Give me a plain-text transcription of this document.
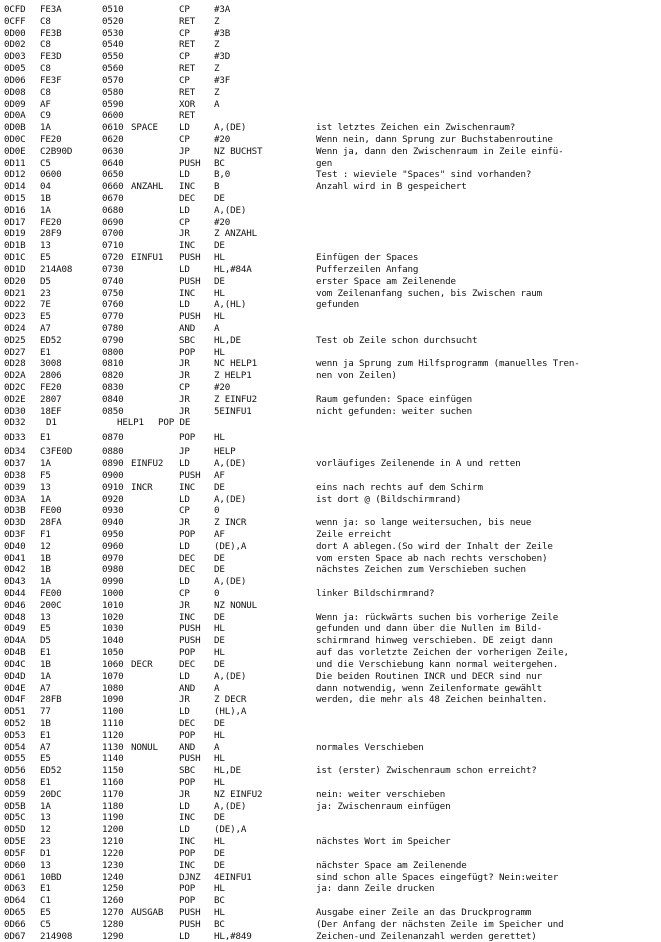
0CFD FE3A	0510	CP	#3A
0CFF C8	0520	RET Z
0D00 FE3B	0530	CP	#3B
0D02 C8	0540	RET Z
0D03 FE3D	0550	CP	#3D
0D05 C8	0560	RET Z
0D06 FE3F	0570	CP	#3F
0D08 C8	0580	RET Z
0D09 AF	0590	XOR A
0D0A C9	0600	RET
0D0B 1A	0610 SPACE LD	A,(DE)	ist letztes Zeichen ein Zwischenraum?
0D0C FE20	0620	CP	#20	Wenn nein, dann Sprung zur Buchstabenroutine
0D0E C2B90D	0630	JP	NZ BUCHST	Wenn ja, dann den Zwischenraum in Zeile einfü-
0D11 C5	0640	PUSH BC	gen
0D12 0600	0650	LD	B,0	Test : wieviele "Spaces" sind vorhanden?
0D14 04	0660 ANZAHL INC B	Anzahl wird in B gespeichert
0D15 1B	0670	DEC DE
0D16 1A	0680	LD	A,(DE)
0D17 FE20	0690	CP	#20
0D19 28F9	0700	JR	Z ANZAHL
0D1B 13	0710	INC DE
0D1C E5	0720 EINFU1 PUSH HL	Einfügen der Spaces
0D1D 214A08	0730	LD	HL,#84A	Pufferzeilen Anfang
0D20 D5	0740	PUSH DE	erster Space am Zeilenende
0D21 23	0750	INC HL	vom Zeilenanfang suchen, bis Zwischen raum
0D22 7E	0760	LD	A,(HL)	gefunden
0D23 E5	0770	PUSH HL
0D24 A7	0780	AND A
0D25 ED52	0790	SBC HL,DE	Test ob Zeile schon durchsucht
0D27 E1	0800	POP HL
0D28 3008	0810	JR	NC HELP1	wenn ja Sprung zum Hilfsprogramm (manuelles Tren-
0D2A 2806	0820	JR	Z HELP1	nen von Zeilen)
0D2C FE20	0830	CP	#20
0D2E 2807	0840	JR	Z EINFU2	Raum gefunden: Space einfügen
0D30 18EF	0850	JR	5EINFU1	nicht gefunden: weiter suchen
0D32 D1	HELP1 POP DE
0D33 E1	0870	POP HL
0D34 C3FE0D	0880	JP	HELP
0D37 1A	0890 EINFU2 LD	A,(DE)	vorläufiges Zeilenende in A und retten
0D38 F5	0900	PUSH AF
0D39 13	0910 INCR	INC DE	eins nach rechts auf dem Schirm
0D3A 1A	0920	LD	A,(DE)	ist dort @ (Bildschirmrand)
0D3B FE00	0930	CP	0
0D3D 28FA	0940	JR	Z INCR	wenn ja: so lange weitersuchen, bis neue
0D3F F1	0950	POP AF	Zeile erreicht
0D40 12	0960	LD	(DE),A	dort A ablegen.(So wird der Inhalt der Zeile
0D41 1B	0970	DEC DE	vom ersten Space ab nach rechts verschoben)
0D42 1B	0980	DEC DE	nächstes Zeichen zum Verschieben suchen
0D43 1A	0990	LD	A,(DE)
0D44 FE00	1000	CP	0	linker Bildschirmrand?
0D46 200C	1010	JR	NZ NONUL
0D48 13	1020	INC DE	Wenn ja: rückwärts suchen bis vorherige Zeile
0D49 E5	1030	PUSH HL	gefunden und dann über die Nullen im Bild-
0D4A D5	1040	PUSH DE	schirmrand hinweg verschieben. DE zeigt dann
0D4B E1	1050	POP HL	auf das vorletzte Zeichen der vorherigen Zeile,
0D4C 1B	1060 DECR	DEC DE	und die Verschiebung kann normal weitergehen.
0D4D 1A	1070	LD	A,(DE)	Die beiden Routinen INCR und DECR sind nur
0D4E A7	1080	AND A	dann notwendig, wenn Zeilenformate gewählt
0D4F 28FB	1090	JR	Z DECR	werden, die mehr als 48 Zeichen beinhalten.
0D51 77	1100	LD	(HL),A
0D52 1B	1110	DEC DE
0D53 E1	1120	POP HL
0D54 A7	1130 NONUL AND A	normales Verschieben
0D55 E5	1140	PUSH HL
0D56 ED52	1150	SBC HL,DE	ist (erster) Zwischenraum schon erreicht?
0D58 E1	1160	POP HL
0D59 20DC	1170	JR	NZ EINFU2	nein: weiter verschieben
0D5B 1A	1180	LD	A,(DE)	ja: Zwischenraum einfügen
0D5C 13	1190	INC DE
0D5D 12	1200	LD	(DE),A
0D5E 23	1210	INC HL	nächstes Wort im Speicher
0D5F D1	1220	POP DE
0D60 13	1230	INC DE	nächster Space am Zeilenende
0D61 10BD	1240	DJNZ 4EINFU1	sind schon alle Spaces eingefügt? Nein:weiter
0D63 E1	1250	POP HL	ja: dann Zeile drucken
0D64 C1	1260	POP BC
0D65 E5	1270 AUSGAB PUSH HL	Ausgabe einer Zeile an das Druckprogramm
0D66 C5	1280	PUSH BC	(Der Anfang der nächsten Zeile im Speicher und
0D67 214908	1290	LD	HL,#849	Zeichen-und Zeilenanzahl werden gerettet)
